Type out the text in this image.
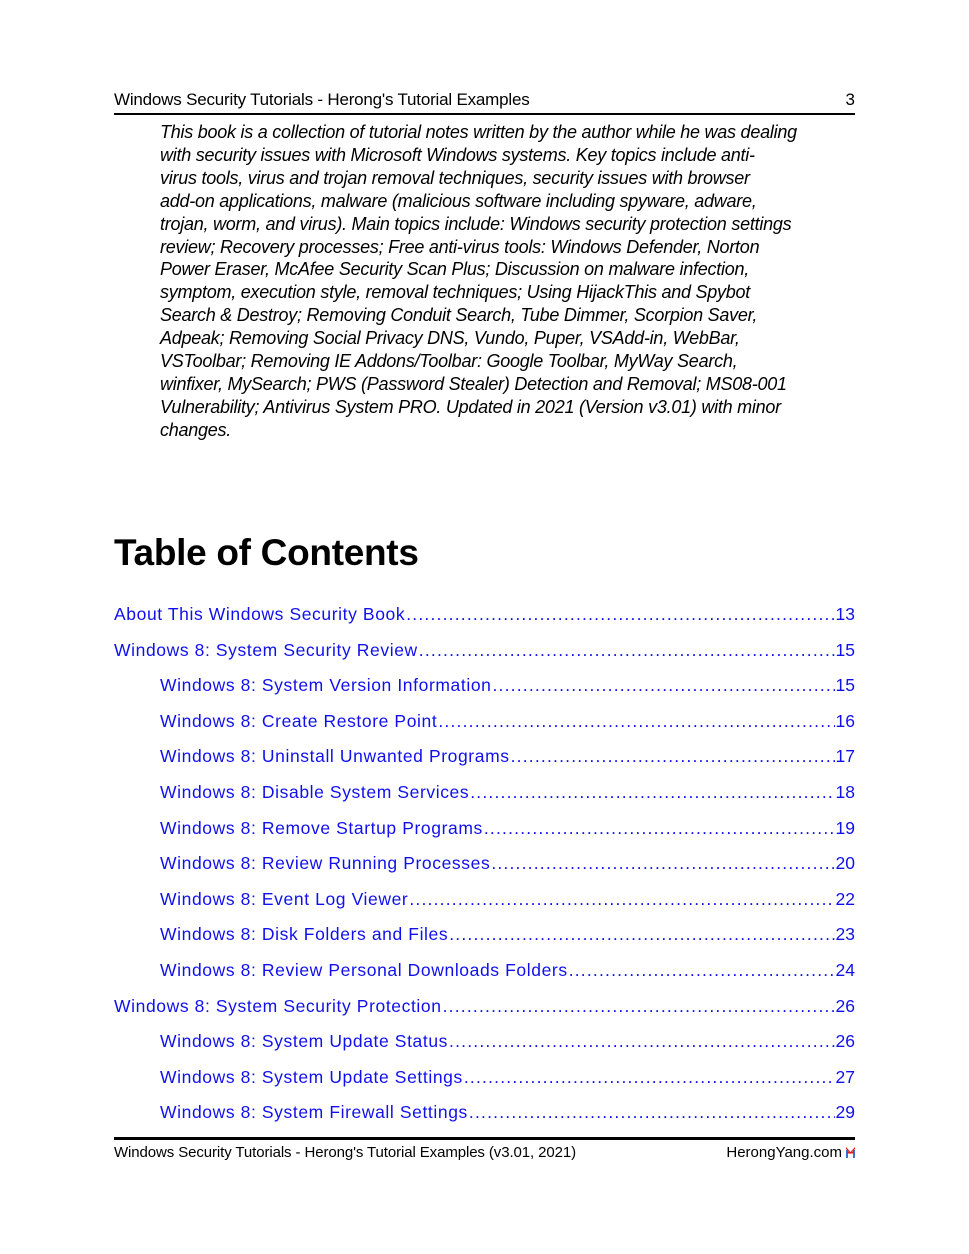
Windows Security Tutorials - Herong's Tutorial Examples	3
This book is a collection of tutorial notes written by the author while he was dealing
with security issues with Microsoft Windows systems. Key topics include anti-
virus tools, virus and trojan removal techniques, security issues with browser
add-on applications, malware (malicious software including spyware, adware,
trojan, worm, and virus). Main topics include: Windows security protection settings
review; Recovery processes; Free anti-virus tools: Windows Defender, Norton
Power Eraser, McAfee Security Scan Plus; Discussion on malware infection,
symptom, execution style, removal techniques; Using HijackThis and Spybot
Search & Destroy; Removing Conduit Search, Tube Dimmer, Scorpion Saver,
Adpeak; Removing Social Privacy DNS, Vundo, Puper, VSAdd-in, WebBar,
VSToolbar; Removing IE Addons/Toolbar: Google Toolbar, MyWay Search,
winfixer, MySearch; PWS (Password Stealer) Detection and Removal; MS08-001
Vulnerability; Antivirus System PRO. Updated in 2021 (Version v3.01) with minor
changes.
Table of Contents
About This Windows Security Book .....	13
Windows 8: System Security Review .....	15
Windows 8: System Version Information .....	15
Windows 8: Create Restore Point .....	16
Windows 8: Uninstall Unwanted Programs .....	17
Windows 8: Disable System Services .....	18
Windows 8: Remove Startup Programs .....	19
Windows 8: Review Running Processes .....	20
Windows 8: Event Log Viewer .....	22
Windows 8: Disk Folders and Files .....	23
Windows 8: Review Personal Downloads Folders .....	24
Windows 8: System Security Protection .....	26
Windows 8: System Update Status .....	26
Windows 8: System Update Settings .....	27
Windows 8: System Firewall Settings .....	29
Windows Security Tutorials - Herong's Tutorial Examples (v3.01, 2021)	HerongYang.com
